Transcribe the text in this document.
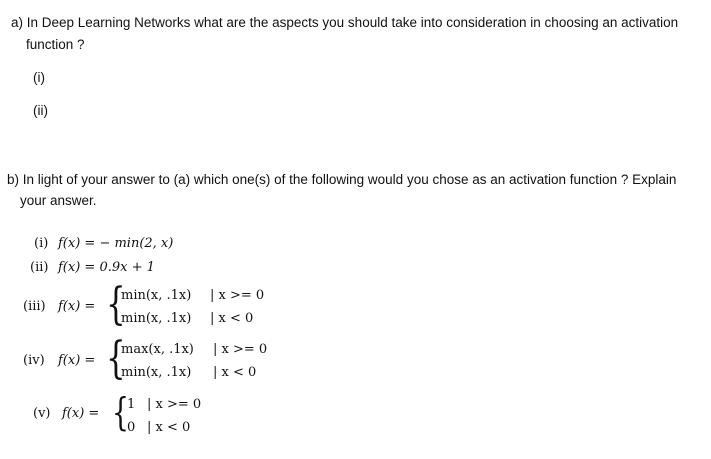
a) In Deep Learning Networks what are the aspects you should take into consideration in choosing an activation
function ?
(i)
(ii)
b) In light of your answer to (a) which one(s) of the following would you chose as an activation function ? Explain
your answer.
(i) f(x) = − min(2, x)
(ii) f(x) = 0.9x + 1
(iii) f(x) = {
min(x, .1x) | x >= 0
min(x, .1x) | x < 0
(iv) f(x) = {
max(x, .1x) | x >= 0
min(x, .1x) | x < 0
(v) f(x) = {
1 | x >= 0
0 | x < 0
